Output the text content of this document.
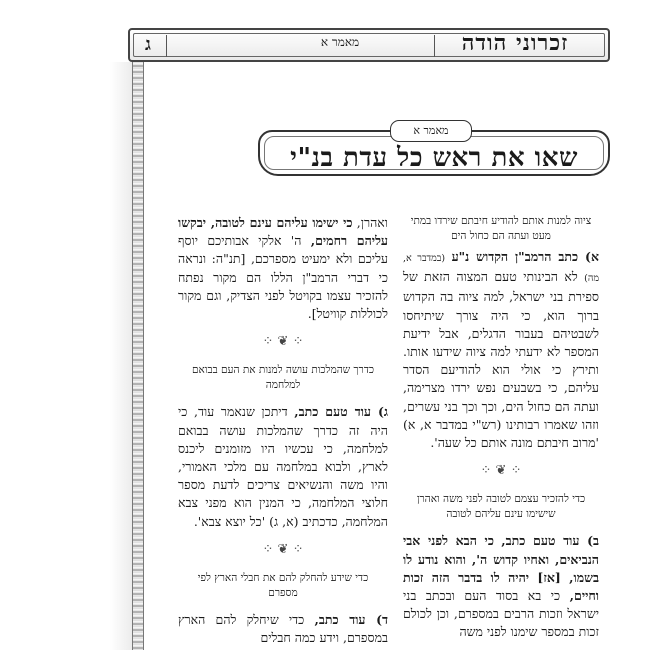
ג	מאמר א	זכרוני הודה
מאמר א
שאו את ראש כל עדת בנ"י

ציוה למנות אותם להודיע חיבתם שירדו במתי מעט ועתה הם כחול הים

א) כתב הרמב"ן הקדוש נ"ע (במדבר א, מה) לא הבינותי טעם המצוה הזאת של ספירת בני ישראל, למה ציוה בה הקדוש ברוך הוא, כי היה צורך שיתיחסו לשבטיהם בעבור הדגלים, אבל ידיעת המספר לא ידעתי למה ציוה שידעו אותו. ותירץ כי אולי הוא להודיעם הסדר עליהם, כי בשבעים נפש ירדו מצרימה, ועתה הם כחול הים, וכך וכך בני עשרים, וזהו שאמרו רבותינו (רש"י במדבר א, א) 'מרוב חיבתם מונה אותם כל שעה'.

⁘ ❦ ⁘

כדי להזכיר עצמם לטובה לפני משה ואהרן שישימו עינם עליהם לטובה

ב) עוד טעם כתב, כי הבא לפני אבי הנביאים, ואחיו קדוש ה', והוא נודע לו בשמו, [אז] יהיה לו בדבר הזה זכות וחיים, כי בא בסוד העם ובכתב בני ישראל וזכות הרבים במספרם, וכן לכולם זכות במספר שימנו לפני משה

ואהרן, כי ישימו עליהם עינם לטובה, יבקשו עליהם רחמים, ה' אלקי אבותיכם יוסף עליכם ולא ימעיט מספרכם, [תנ"ה: ונראה כי דברי הרמב"ן הללו הם מקור נפתח להזכיר עצמו בקויטל לפני הצדיק, וגם מקור לכוללות קוויטל].

⁘ ❦ ⁘

כדרך שהמלכות עושה למנות את העם בבואם למלחמה

ג) עוד טעם כתב, דיתכן שנאמר עוד, כי היה זה כדרך שהמלכות עושה בבואם למלחמה, כי עכשיו היו מזומנים ליכנס לארץ, ולבוא במלחמה עם מלכי האמורי, והיו משה והנשיאים צריכים לדעת מספר חלוצי המלחמה, כי המנין הוא מפני צבא המלחמה, כדכתיב (א, ג) 'כל יוצא צבא'.

⁘ ❦ ⁘

כדי שידע להחלק להם את חבלי הארץ לפי מספרם

ד) עוד כתב, כדי שיחלק להם הארץ במספרם, וידע כמה חבלים
